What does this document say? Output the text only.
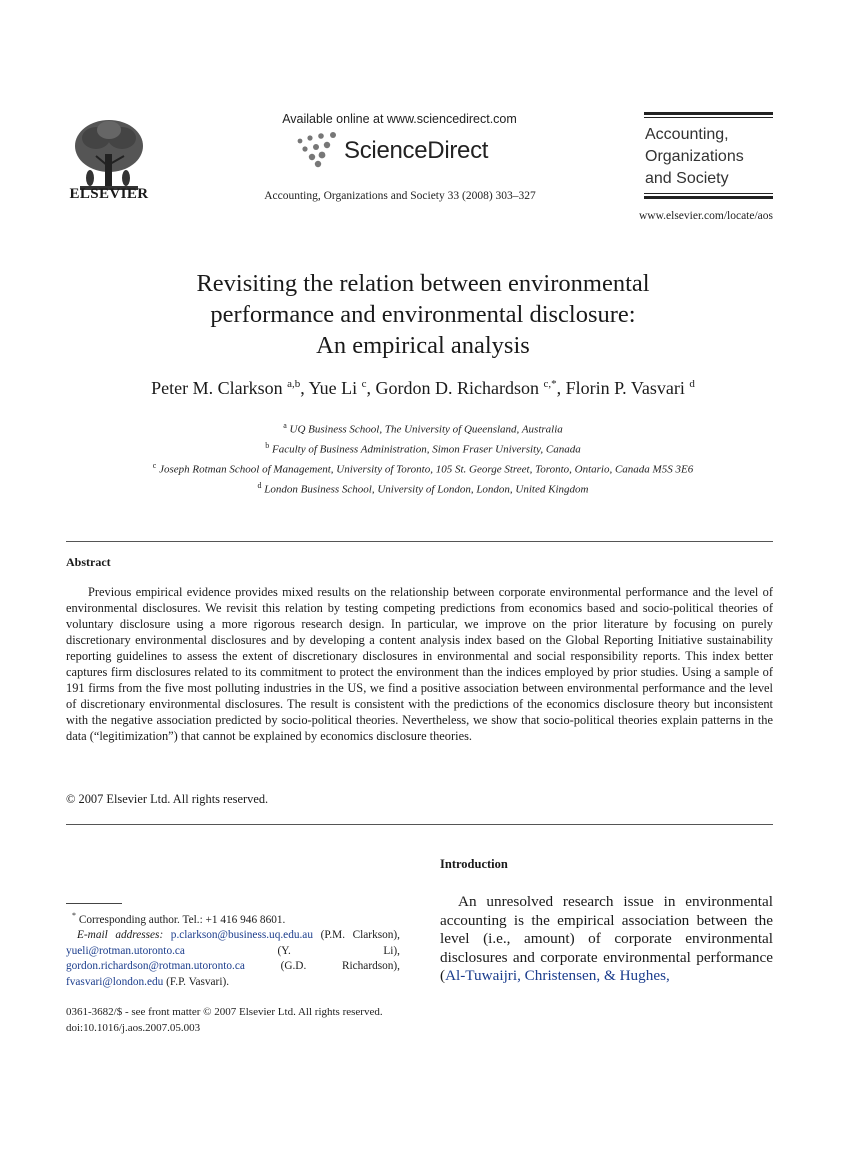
ELSEVIER
Available online at www.sciencedirect.com
ScienceDirect
Accounting, Organizations and Society 33 (2008) 303–327
Accounting,
Organizations
and Society
www.elsevier.com/locate/aos
Revisiting the relation between environmental
performance and environmental disclosure:
An empirical analysis
Peter M. Clarkson $^{a,b}$, Yue Li $^c$, Gordon D. Richardson $^{c,*}$, Florin P. Vasvari $^d$
$^a$ UQ Business School, The University of Queensland, Australia
$^b$ Faculty of Business Administration, Simon Fraser University, Canada
$^c$ Joseph Rotman School of Management, University of Toronto, 105 St. George Street, Toronto, Ontario, Canada M5S 3E6
$^d$ London Business School, University of London, London, United Kingdom
Abstract
Previous empirical evidence provides mixed results on the relationship between corporate environmental performance and the level of environmental disclosures. We revisit this relation by testing competing predictions from economics based and socio-political theories of voluntary disclosure using a more rigorous research design. In particular, we improve on the prior literature by focusing on purely discretionary environmental disclosures and by developing a content analysis index based on the Global Reporting Initiative sustainability reporting guidelines to assess the extent of discretionary disclosures in environmental and social responsibility reports. This index better captures firm disclosures related to its commitment to protect the environment than the indices employed by prior studies. Using a sample of 191 firms from the five most polluting industries in the US, we find a positive association between environmental performance and the level of discretionary environmental disclosures. The result is consistent with the predictions of the economics disclosure theory but inconsistent with the negative association predicted by socio-political theories. Nevertheless, we show that socio-political theories explain patterns in the data (“legitimization”) that cannot be explained by economics disclosure theories.
© 2007 Elsevier Ltd. All rights reserved.
Introduction
An unresolved research issue in environmental accounting is the empirical association between the level (i.e., amount) of corporate environmental disclosures and corporate environmental performance (Al-Tuwaijri, Christensen, & Hughes,
* Corresponding author. Tel.: +1 416 946 8601.
E-mail addresses: p.clarkson@business.uq.edu.au (P.M. Clarkson), yueli@rotman.utoronto.ca	(Y. Li), gordon.richardson@rotman.utoronto.ca	(G.D. Richardson), fvasvari@london.edu (F.P. Vasvari).
0361-3682/$ - see front matter © 2007 Elsevier Ltd. All rights reserved.
doi:10.1016/j.aos.2007.05.003
